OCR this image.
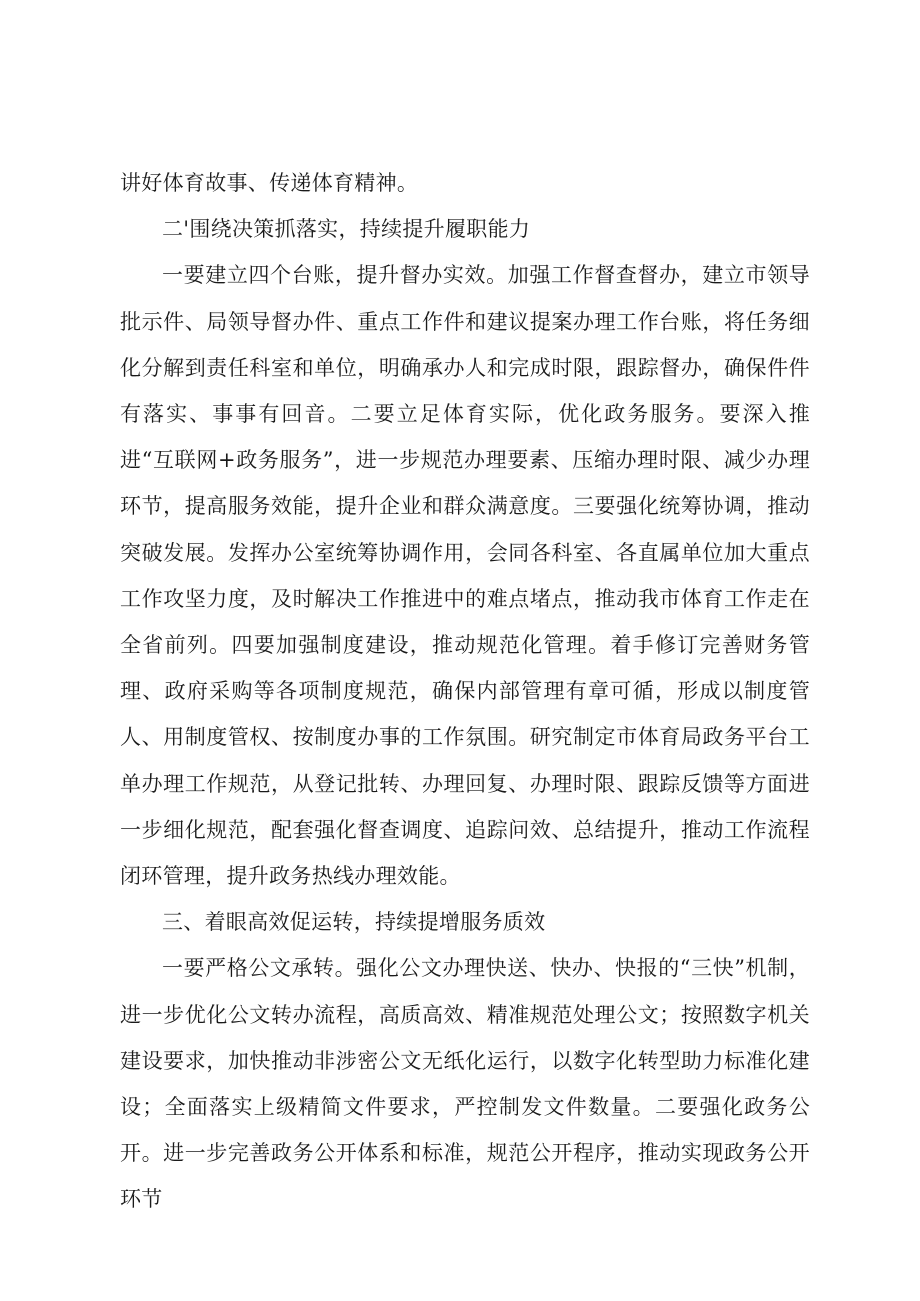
讲好体育故事、传递体育精神。

二'围绕决策抓落实，持续提升履职能力

一要建立四个台账，提升督办实效。加强工作督查督办，建立市领导批示件、局领导督办件、重点工作件和建议提案办理工作台账，将任务细化分解到责任科室和单位，明确承办人和完成时限，跟踪督办，确保件件有落实、事事有回音。二要立足体育实际，优化政务服务。要深入推进“互联网+政务服务”，进一步规范办理要素、压缩办理时限、减少办理环节，提高服务效能，提升企业和群众满意度。三要强化统筹协调，推动突破发展。发挥办公室统筹协调作用，会同各科室、各直属单位加大重点工作攻坚力度，及时解决工作推进中的难点堵点，推动我市体育工作走在全省前列。四要加强制度建设，推动规范化管理。着手修订完善财务管理、政府采购等各项制度规范，确保内部管理有章可循，形成以制度管人、用制度管权、按制度办事的工作氛围。研究制定市体育局政务平台工单办理工作规范，从登记批转、办理回复、办理时限、跟踪反馈等方面进一步细化规范，配套强化督查调度、追踪问效、总结提升，推动工作流程闭环管理，提升政务热线办理效能。

三、着眼高效促运转，持续提增服务质效

一要严格公文承转。强化公文办理快送、快办、快报的“三快”机制，进一步优化公文转办流程，高质高效、精准规范处理公文；按照数字机关建设要求，加快推动非涉密公文无纸化运行，以数字化转型助力标准化建设；全面落实上级精简文件要求，严控制发文件数量。二要强化政务公开。进一步完善政务公开体系和标准，规范公开程序，推动实现政务公开环节
